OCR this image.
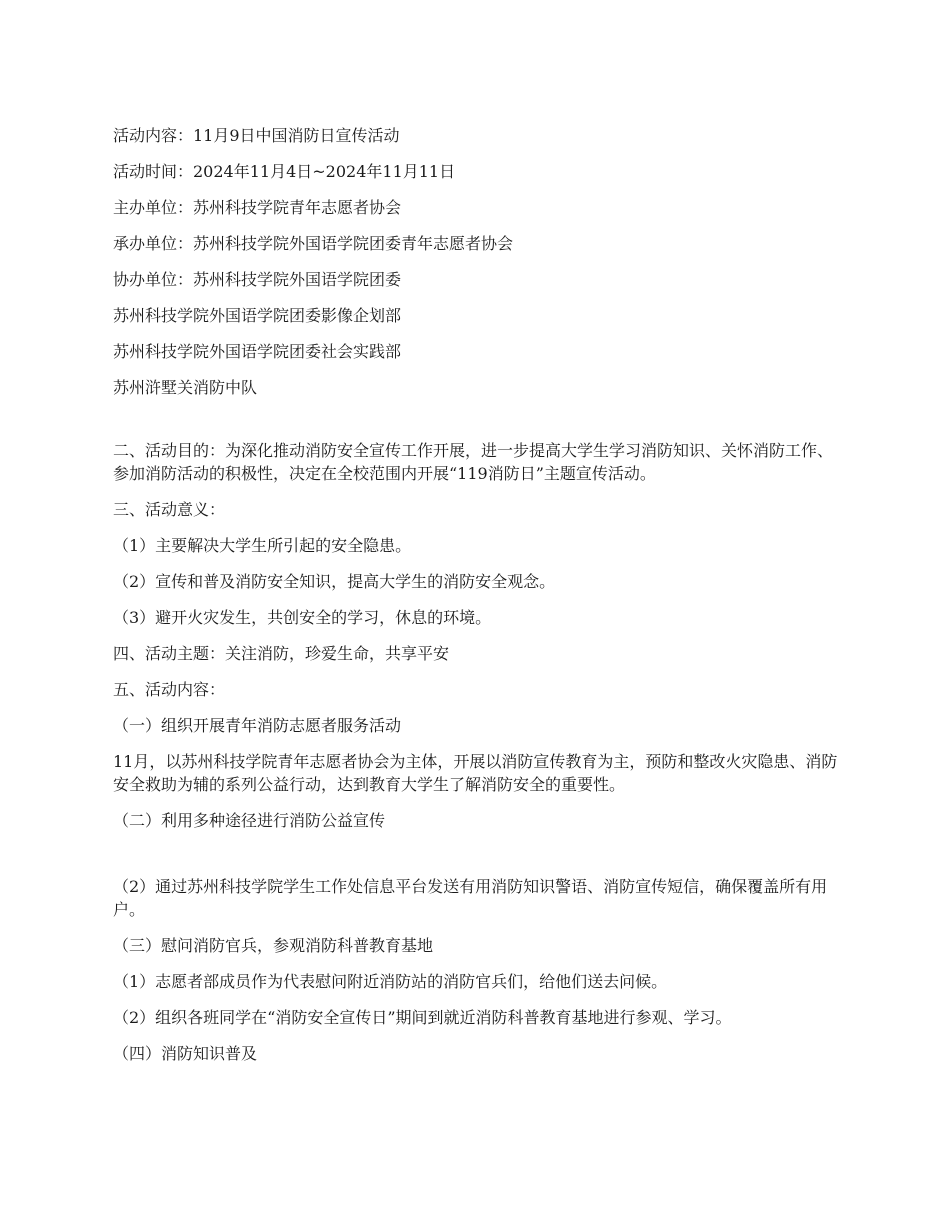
活动内容：11月9日中国消防日宣传活动

活动时间：2024年11月4日~2024年11月11日

主办单位：苏州科技学院青年志愿者协会

承办单位：苏州科技学院外国语学院团委青年志愿者协会

协办单位：苏州科技学院外国语学院团委

苏州科技学院外国语学院团委影像企划部

苏州科技学院外国语学院团委社会实践部

苏州浒墅关消防中队

二、活动目的：为深化推动消防安全宣传工作开展，进一步提高大学生学习消防知识、关怀消防工作、参加消防活动的积极性，决定在全校范围内开展“119消防日”主题宣传活动。

三、活动意义：

（1）主要解决大学生所引起的安全隐患。

（2）宣传和普及消防安全知识，提高大学生的消防安全观念。

（3）避开火灾发生，共创安全的学习，休息的环境。

四、活动主题：关注消防，珍爱生命，共享平安

五、活动内容：

（一）组织开展青年消防志愿者服务活动

11月，以苏州科技学院青年志愿者协会为主体，开展以消防宣传教育为主，预防和整改火灾隐患、消防安全救助为辅的系列公益行动，达到教育大学生了解消防安全的重要性。

（二）利用多种途径进行消防公益宣传

（2）通过苏州科技学院学生工作处信息平台发送有用消防知识警语、消防宣传短信，确保覆盖所有用户。

（三）慰问消防官兵，参观消防科普教育基地

（1）志愿者部成员作为代表慰问附近消防站的消防官兵们，给他们送去问候。

（2）组织各班同学在“消防安全宣传日”期间到就近消防科普教育基地进行参观、学习。

（四）消防知识普及
